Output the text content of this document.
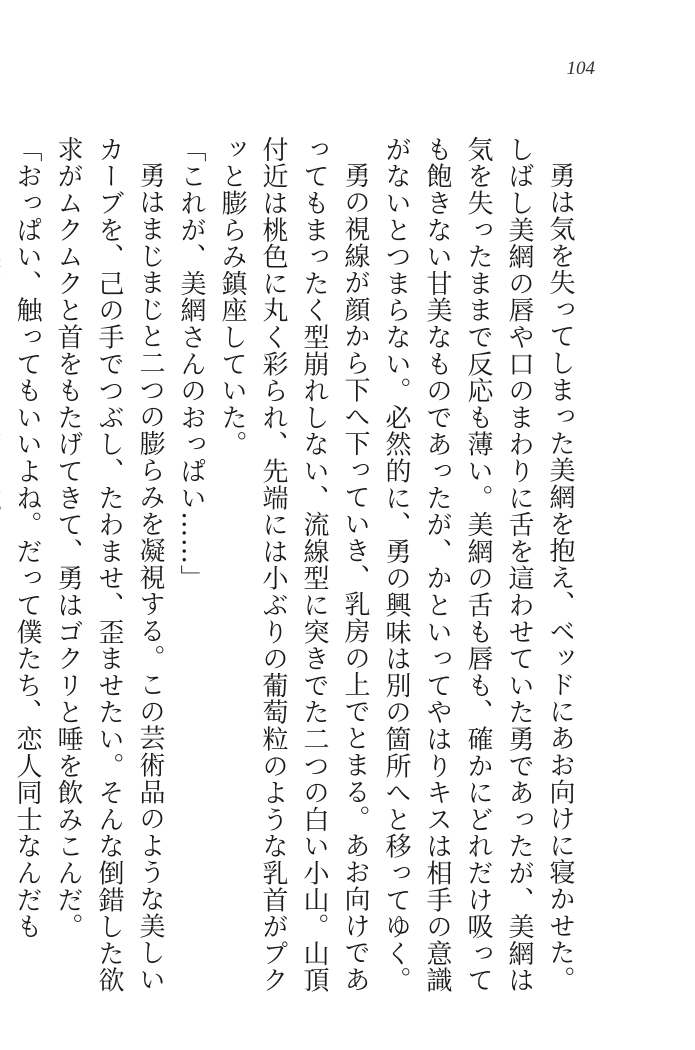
104

勇は気を失ってしまった美網を抱え、ベッドにあお向けに寝かせた。しばし美網の唇や口のまわりに舌を這わせていた勇であったが、美網は気を失ったままで反応も薄い。美網の舌も唇も、確かにどれだけ吸っても飽きない甘美なものであったが、かといってやはりキスは相手の意識がないとつまらない。必然的に、勇の興味は別の箇所へと移ってゆく。

勇の視線が顔から下へ下っていき、乳房の上でとまる。あお向けであってもまったく型崩れしない、流線型に突きでた二つの白い小山。山頂付近は桃色に丸く彩られ、先端には小ぶりの葡萄粒のような乳首がプクッと膨らみ鎮座していた。

「これが、美網さんのおっぱい……」

勇はまじまじと二つの膨らみを凝視する。この芸術品のような美しいカーブを、己の手でつぶし、たわませ、歪ませたい。そんな倒錯した欲求がムクムクと首をもたげてきて、勇はゴクリと唾を飲みこんだ。

「おっぱい、触ってもいいよね。だって僕たち、恋人同士なんだも
